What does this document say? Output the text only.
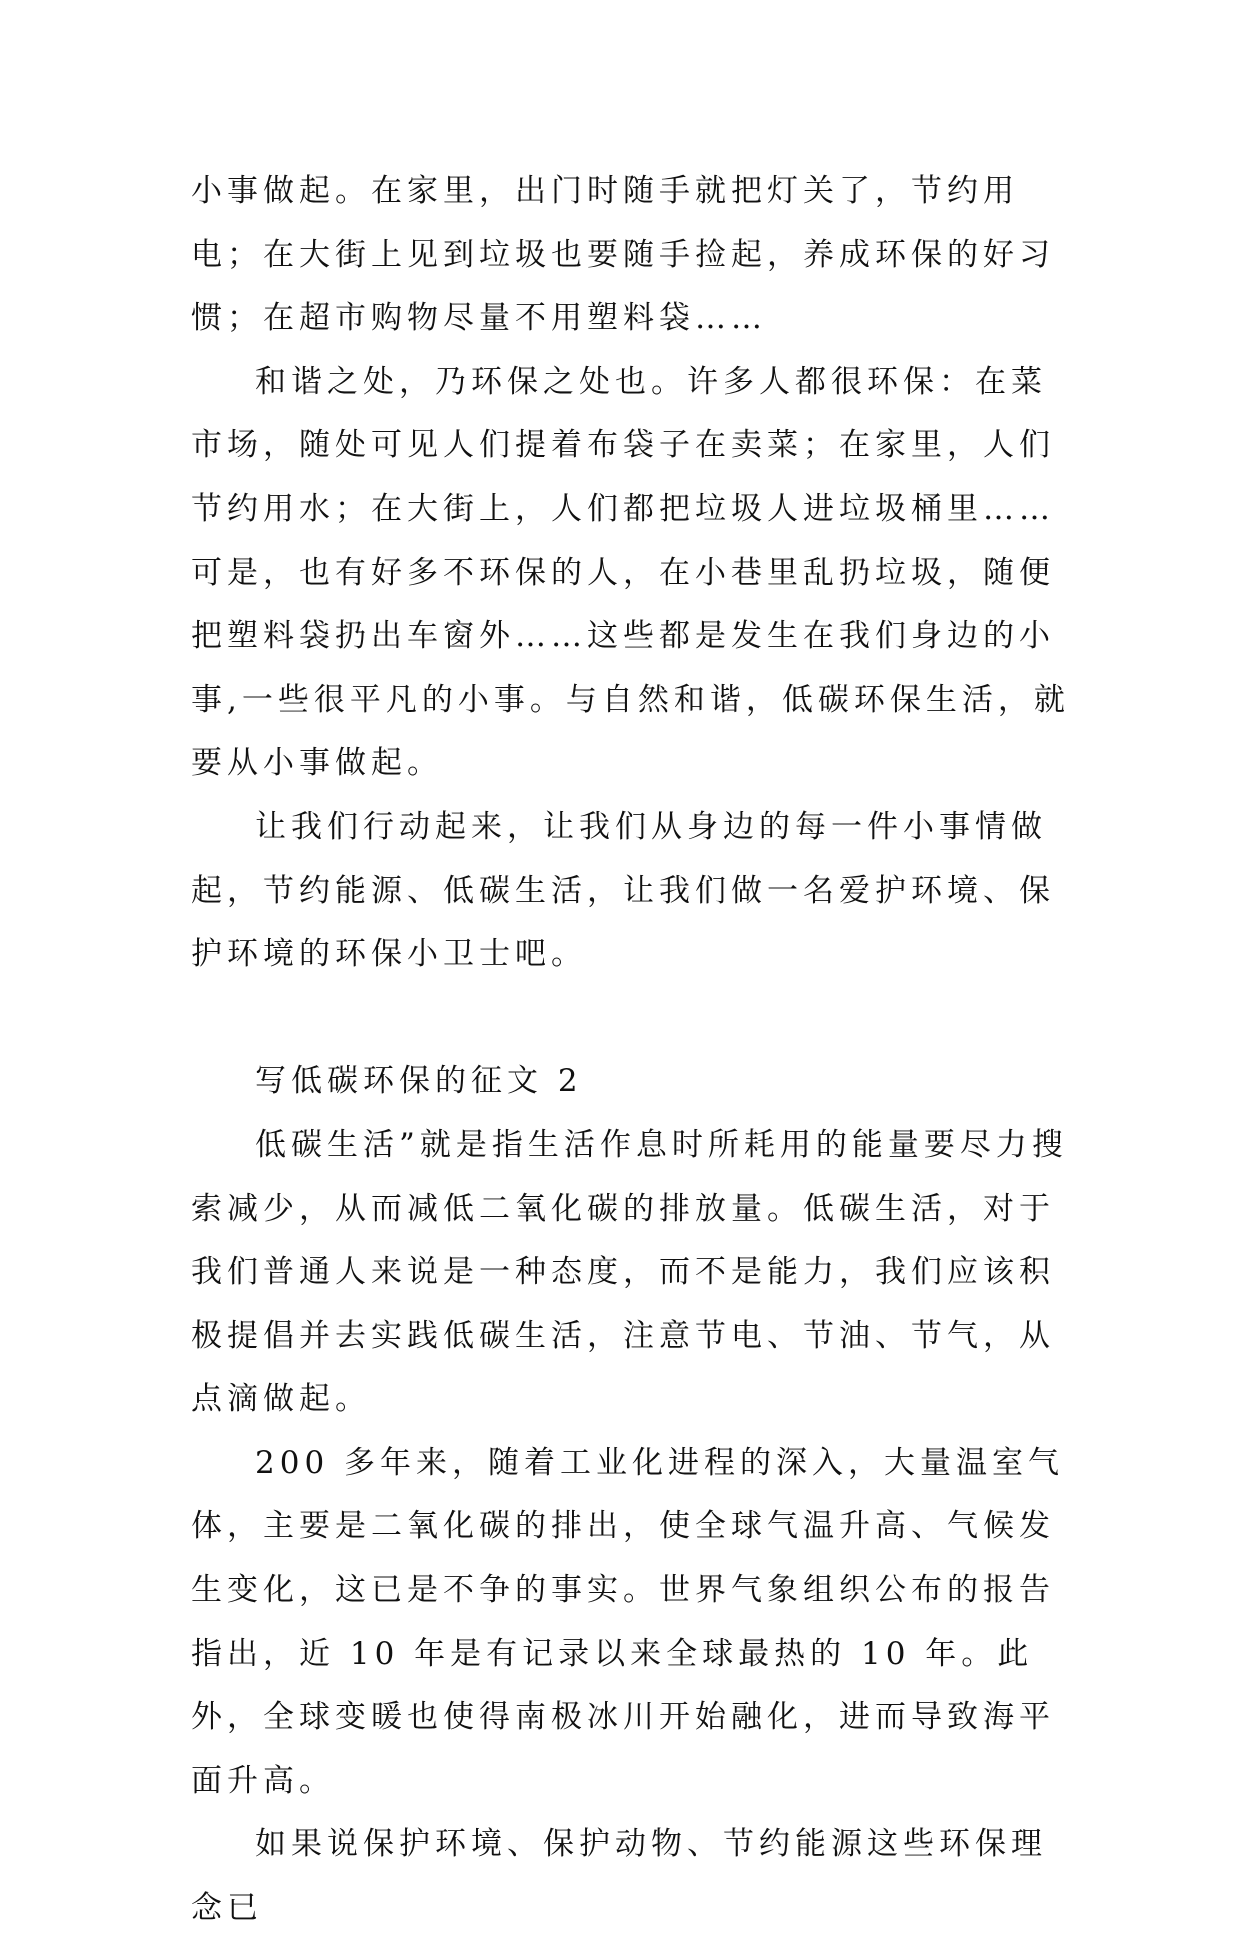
小事做起。在家里，出门时随手就把灯关了，节约用电；在大街上见到垃圾也要随手捡起，养成环保的好习惯；在超市购物尽量不用塑料袋……

和谐之处，乃环保之处也。许多人都很环保：在菜市场，随处可见人们提着布袋子在卖菜；在家里，人们节约用水；在大街上，人们都把垃圾人进垃圾桶里……可是，也有好多不环保的人，在小巷里乱扔垃圾，随便把塑料袋扔出车窗外……这些都是发生在我们身边的小事,一些很平凡的小事。与自然和谐，低碳环保生活，就要从小事做起。

让我们行动起来，让我们从身边的每一件小事情做起，节约能源、低碳生活，让我们做一名爱护环境、保护环境的环保小卫士吧。

写低碳环保的征文 2

低碳生活”就是指生活作息时所耗用的能量要尽力搜索减少，从而减低二氧化碳的排放量。低碳生活，对于我们普通人来说是一种态度，而不是能力，我们应该积极提倡并去实践低碳生活，注意节电、节油、节气，从点滴做起。

200 多年来，随着工业化进程的深入，大量温室气体，主要是二氧化碳的排出，使全球气温升高、气候发生变化，这已是不争的事实。世界气象组织公布的报告指出，近 10 年是有记录以来全球最热的 10 年。此外，全球变暖也使得南极冰川开始融化，进而导致海平面升高。

如果说保护环境、保护动物、节约能源这些环保理念已
